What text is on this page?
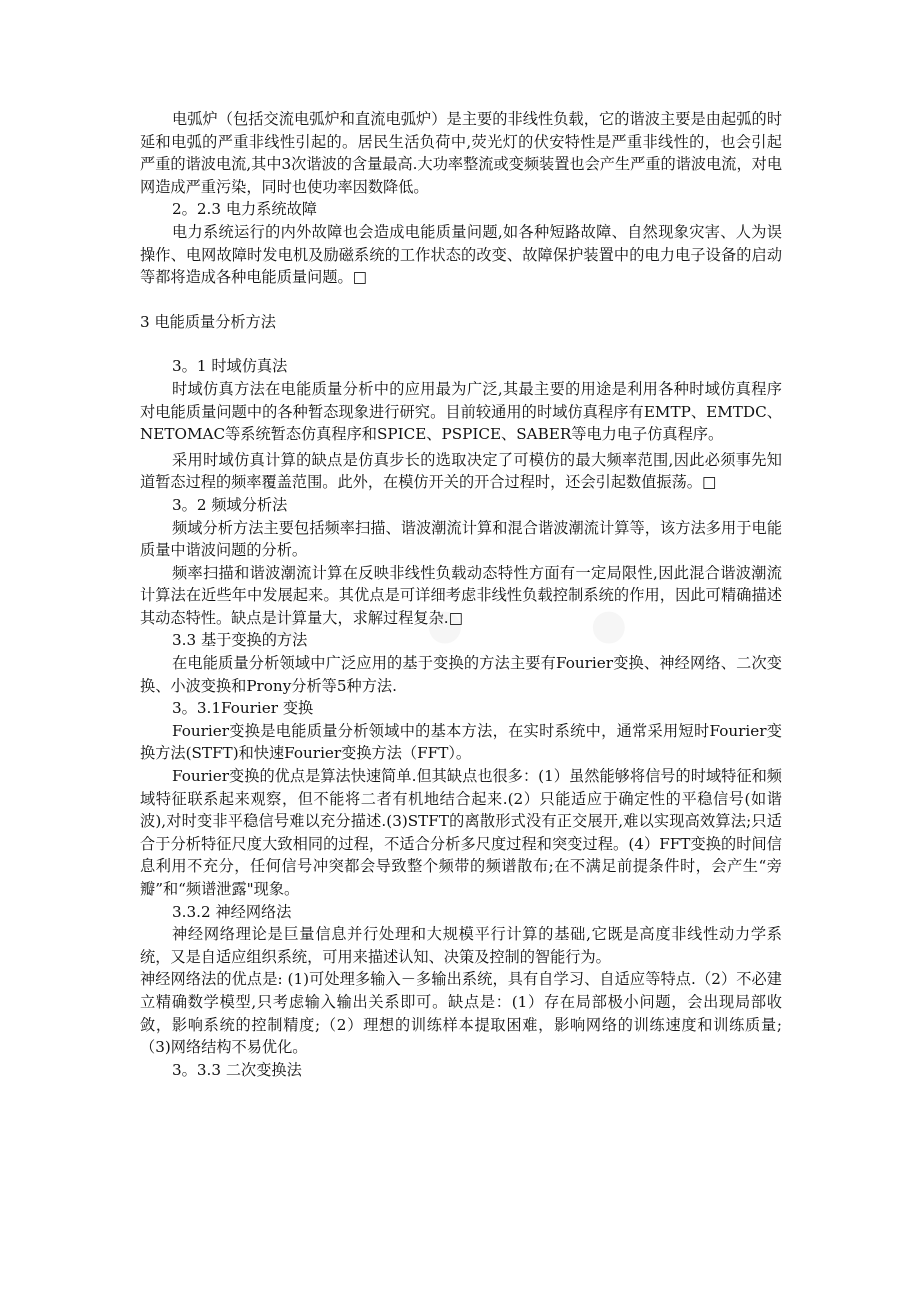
电弧炉（包括交流电弧炉和直流电弧炉）是主要的非线性负载，它的谐波主要是由起弧的时延和电弧的严重非线性引起的。居民生活负荷中,荧光灯的伏安特性是严重非线性的，也会引起严重的谐波电流,其中3次谐波的含量最高.大功率整流或变频装置也会产生严重的谐波电流，对电网造成严重污染，同时也使功率因数降低。

2。2.3 电力系统故障

电力系统运行的内外故障也会造成电能质量问题,如各种短路故障、自然现象灾害、人为误操作、电网故障时发电机及励磁系统的工作状态的改变、故障保护装置中的电力电子设备的启动等都将造成各种电能质量问题。□

3 电能质量分析方法

3。1 时域仿真法

时域仿真方法在电能质量分析中的应用最为广泛,其最主要的用途是利用各种时域仿真程序对电能质量问题中的各种暂态现象进行研究。目前较通用的时域仿真程序有EMTP、EMTDC、NETOMAC等系统暂态仿真程序和SPICE、PSPICE、SABER等电力电子仿真程序。

采用时域仿真计算的缺点是仿真步长的选取决定了可模仿的最大频率范围,因此必须事先知道暂态过程的频率覆盖范围。此外，在模仿开关的开合过程时，还会引起数值振荡。□

3。2 频域分析法

频域分析方法主要包括频率扫描、谐波潮流计算和混合谐波潮流计算等，该方法多用于电能质量中谐波问题的分析。

频率扫描和谐波潮流计算在反映非线性负载动态特性方面有一定局限性,因此混合谐波潮流计算法在近些年中发展起来。其优点是可详细考虑非线性负载控制系统的作用，因此可精确描述其动态特性。缺点是计算量大，求解过程复杂.□

3.3 基于变换的方法

在电能质量分析领域中广泛应用的基于变换的方法主要有Fourier变换、神经网络、二次变换、小波变换和Prony分析等5种方法.

3。3.1Fourier 变换

Fourier变换是电能质量分析领域中的基本方法，在实时系统中，通常采用短时Fourier变换方法(STFT)和快速Fourier变换方法（FFT）。

Fourier变换的优点是算法快速简单.但其缺点也很多：(1）虽然能够将信号的时域特征和频域特征联系起来观察，但不能将二者有机地结合起来.(2）只能适应于确定性的平稳信号(如谐波),对时变非平稳信号难以充分描述.(3)STFT的离散形式没有正交展开,难以实现高效算法;只适合于分析特征尺度大致相同的过程，不适合分析多尺度过程和突变过程。(4）FFT变换的时间信息利用不充分，任何信号冲突都会导致整个频带的频谱散布;在不满足前提条件时，会产生“旁瓣”和“频谱泄露"现象。

3.3.2 神经网络法

神经网络理论是巨量信息并行处理和大规模平行计算的基础,它既是高度非线性动力学系统，又是自适应组织系统，可用来描述认知、决策及控制的智能行为。

神经网络法的优点是: (1)可处理多输入－多输出系统，具有自学习、自适应等特点.（2）不必建立精确数学模型,只考虑输入输出关系即可。缺点是：(1）存在局部极小问题，会出现局部收敛，影响系统的控制精度;（2）理想的训练样本提取困难，影响网络的训练速度和训练质量;（3)网络结构不易优化。

3。3.3 二次变换法
